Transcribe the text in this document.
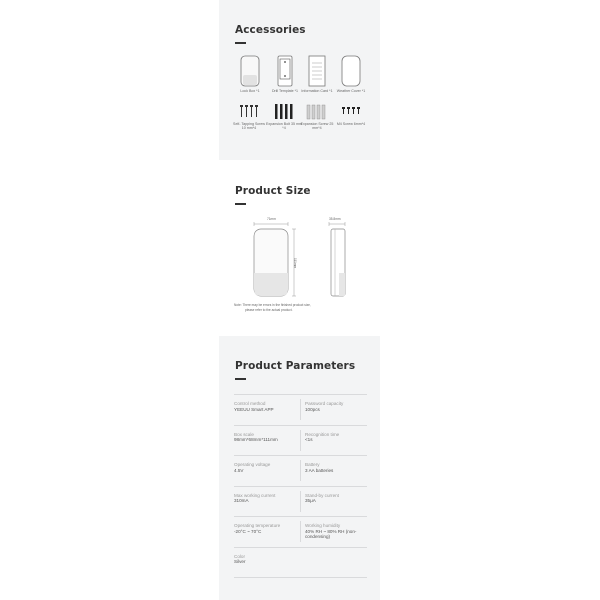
Accessories
Lock Box *1	Drill Template *1 Information Card *1	Weather Cover *1
Self- Tapping Screw 10 mm*4
Expansion Bolt 35 mm *4
Expansion Screw 25 mm*4
M4 Screw 6mm*4
Product Size
71mm
111mm
35.8mm
Note: There may be errors in the finished product size,
please refer to the actual product.
Product Parameters
Control method
YEEUU Smart APP
Password capacity
100pcs
Box scale
98mm*68mm*111mm
Recognition time
<1s
Operating voltage
4.5V
Battery
3 AA batteries
Max working current
310mA
Stand-by current
35μA
Operating temperature
-20°C ~ 70°C
Working humidity
40% RH ~ 80% RH (non-condensing)
Color
Silver
